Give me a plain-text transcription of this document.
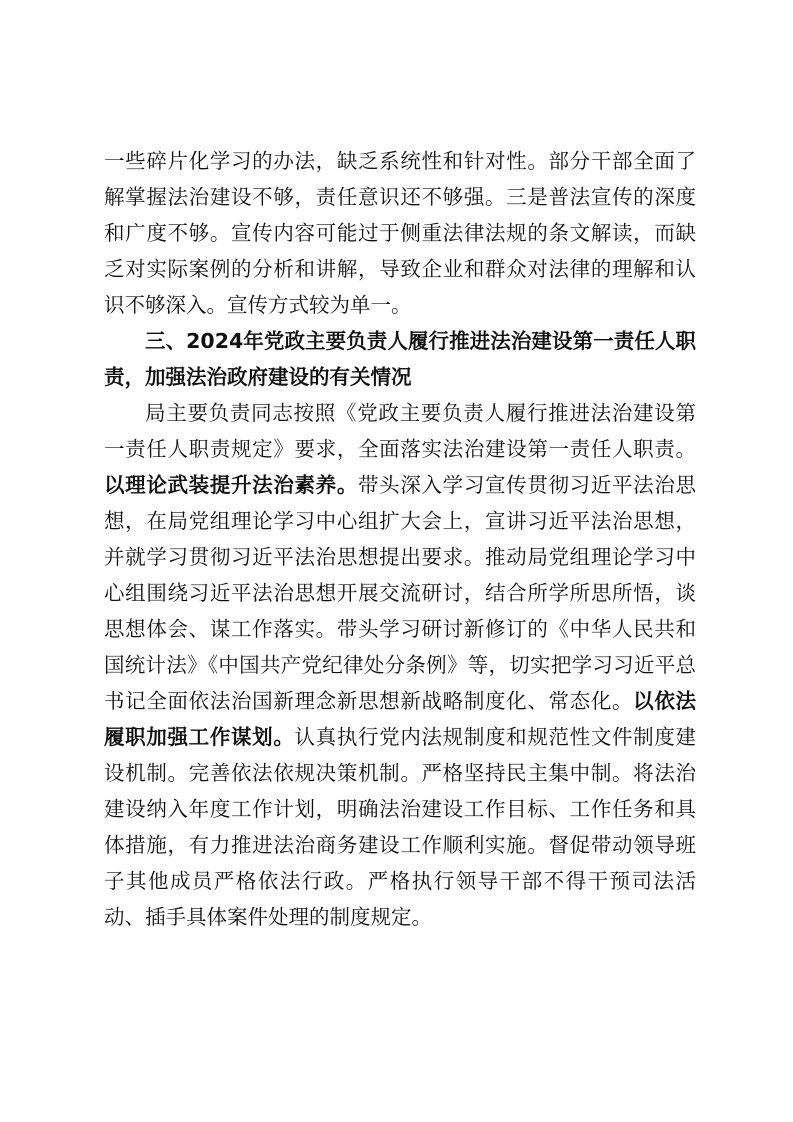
一些碎片化学习的办法，缺乏系统性和针对性。部分干部全面了解掌握法治建设不够，责任意识还不够强。三是普法宣传的深度和广度不够。宣传内容可能过于侧重法律法规的条文解读，而缺乏对实际案例的分析和讲解，导致企业和群众对法律的理解和认识不够深入。宣传方式较为单一。

三、2024年党政主要负责人履行推进法治建设第一责任人职责，加强法治政府建设的有关情况

局主要负责同志按照《党政主要负责人履行推进法治建设第一责任人职责规定》要求，全面落实法治建设第一责任人职责。以理论武装提升法治素养。带头深入学习宣传贯彻习近平法治思想，在局党组理论学习中心组扩大会上，宣讲习近平法治思想，并就学习贯彻习近平法治思想提出要求。推动局党组理论学习中心组围绕习近平法治思想开展交流研讨，结合所学所思所悟，谈思想体会、谋工作落实。带头学习研讨新修订的《中华人民共和国统计法》《中国共产党纪律处分条例》等，切实把学习习近平总书记全面依法治国新理念新思想新战略制度化、常态化。以依法履职加强工作谋划。认真执行党内法规制度和规范性文件制度建设机制。完善依法依规决策机制。严格坚持民主集中制。将法治建设纳入年度工作计划，明确法治建设工作目标、工作任务和具体措施，有力推进法治商务建设工作顺利实施。督促带动领导班子其他成员严格依法行政。严格执行领导干部不得干预司法活动、插手具体案件处理的制度规定。
